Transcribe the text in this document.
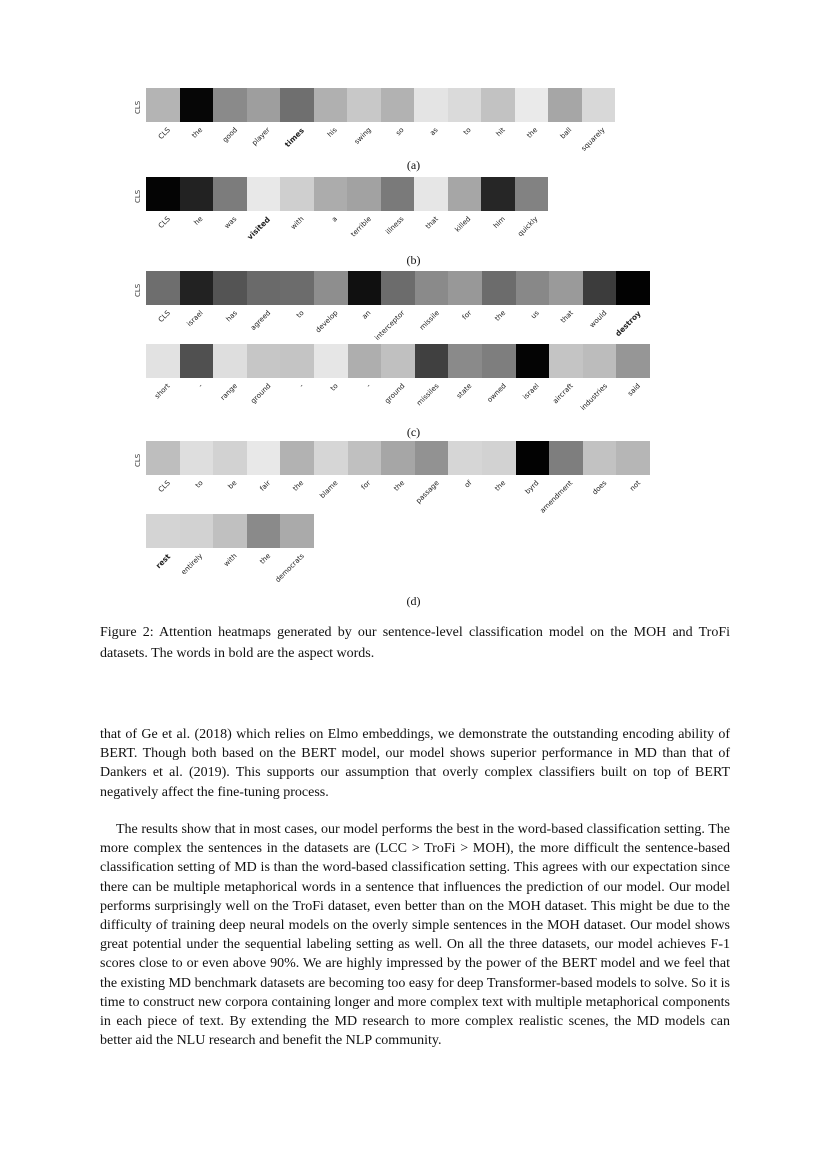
CLS
CLS	the good player times	his swing	so	as	to	hit	the	ball squarely
(a)
CLS
CLS	he	was visited with	a terrible illness	that killed	him quickly
(b)
CLS
CLS israel	has agreed	to develop	an interceptor missile	for	the	us	that would destroy
short	- range ground	-	to	- ground missiles state owned israel aircraft industries	said
(c)
CLS
CLS	to	be	fair	the blame	for	the passage	of	the byrd
amendment does	not
rest entirely	with	the democrats
(d)
Figure 2: Attention heatmaps generated by our sentence-level classification model on the MOH and TroFi datasets. The words in bold are the aspect words.

that of Ge et al. (2018) which relies on Elmo embeddings, we demonstrate the outstanding encoding ability of BERT. Though both based on the BERT model, our model shows superior performance in MD than that of Dankers et al. (2019). This supports our assumption that overly complex classifiers built on top of BERT negatively affect the fine-tuning process.

The results show that in most cases, our model performs the best in the word-based classification setting. The more complex the sentences in the datasets are (LCC > TroFi > MOH), the more difficult the sentence-based classification setting of MD is than the word-based classification setting. This agrees with our expectation since there can be multiple metaphorical words in a sentence that influences the prediction of our model. Our model performs surprisingly well on the TroFi dataset, even better than on the MOH dataset. This might be due to the difficulty of training deep neural models on the overly simple sentences in the MOH dataset. Our model shows great potential under the sequential labeling setting as well. On all the three datasets, our model achieves F-1 scores close to or even above 90%. We are highly impressed by the power of the BERT model and we feel that the existing MD benchmark datasets are becoming too easy for deep Transformer-based models to solve. So it is time to construct new corpora containing longer and more complex text with multiple metaphorical components in each piece of text. By extending the MD research to more complex realistic scenes, the MD models can better aid the NLU research and benefit the NLP community.
